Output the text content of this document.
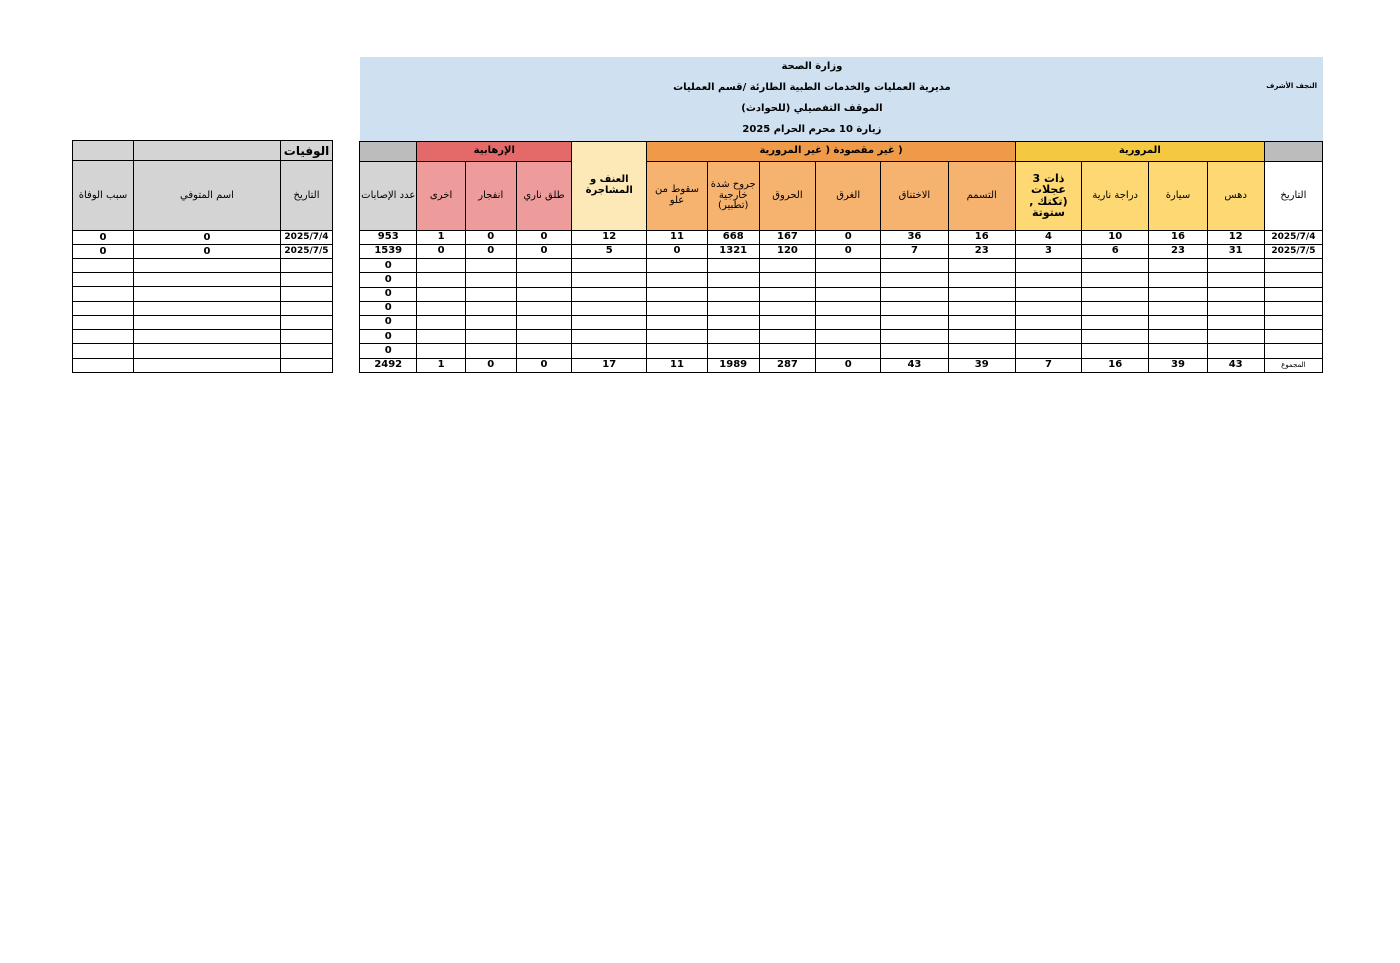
النجف الأشرف	وزارة الصحة														
	مديرية العمليات والخدمات الطبية الطارئة /قسم العمليات														
	الموقف التفصيلي (للحوادث)														
	زيارة 10 محرم الحرام 2025														
	المرورية				( غير مقصودة ( غير المرورية						العنف و المشاجرة	الإرهابية			
التاريخ	دهس	سيارة	دراجة نارية	ذات 3 عجلات (تكتك , ستوتة	التسمم	الاختناق	الغرق	الحروق	جروح شدة خارجية (تطبير)	سقوط من علو		طلق ناري	انفجار	اخرى	عدد الإصابات
2025/7/4	12	16	10	4	16	36	0	167	668	11	12	0	0	1	953
2025/7/5	31	23	6	3	23	7	0	120	1321	0	5	0	0	0	1539
															0
															0
															0
															0
															0
															0
															0
المجموع	43	39	16	7	39	43	0	287	1989	11	17	0	0	1	2492
الوفيات		
التاريخ	اسم المتوفي	سبب الوفاة
2025/7/4	0	0
2025/7/5	0	0
